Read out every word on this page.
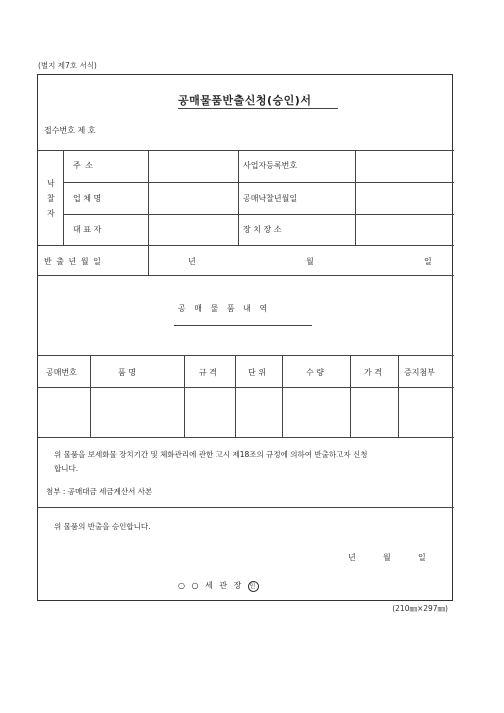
(별지 제7호 서식)
공매물품반출신청(승인)서
접수번호 제 호
낙
찰
자
주 소	사업자등록번호
업 체 명	공매낙찰년월일
대 표 자	장 치 장 소
반 출 년 월 일	년	월	일
공 매 물 품 내 역
공매번호	품 명	규 격	단 위	수 량	가 격	증지첨부
위 물품을 보세화물 장치기간 및 체화관리에 관한 고시 제18조의 규정에 의하여 반출하고자 신청
합니다.
첨부 : 공매대금 세금계산서 사본
위 물품의 반출을 승인합니다.
년	월	일
○ ○ 세 관 장 인
(210㎜×297㎜)
